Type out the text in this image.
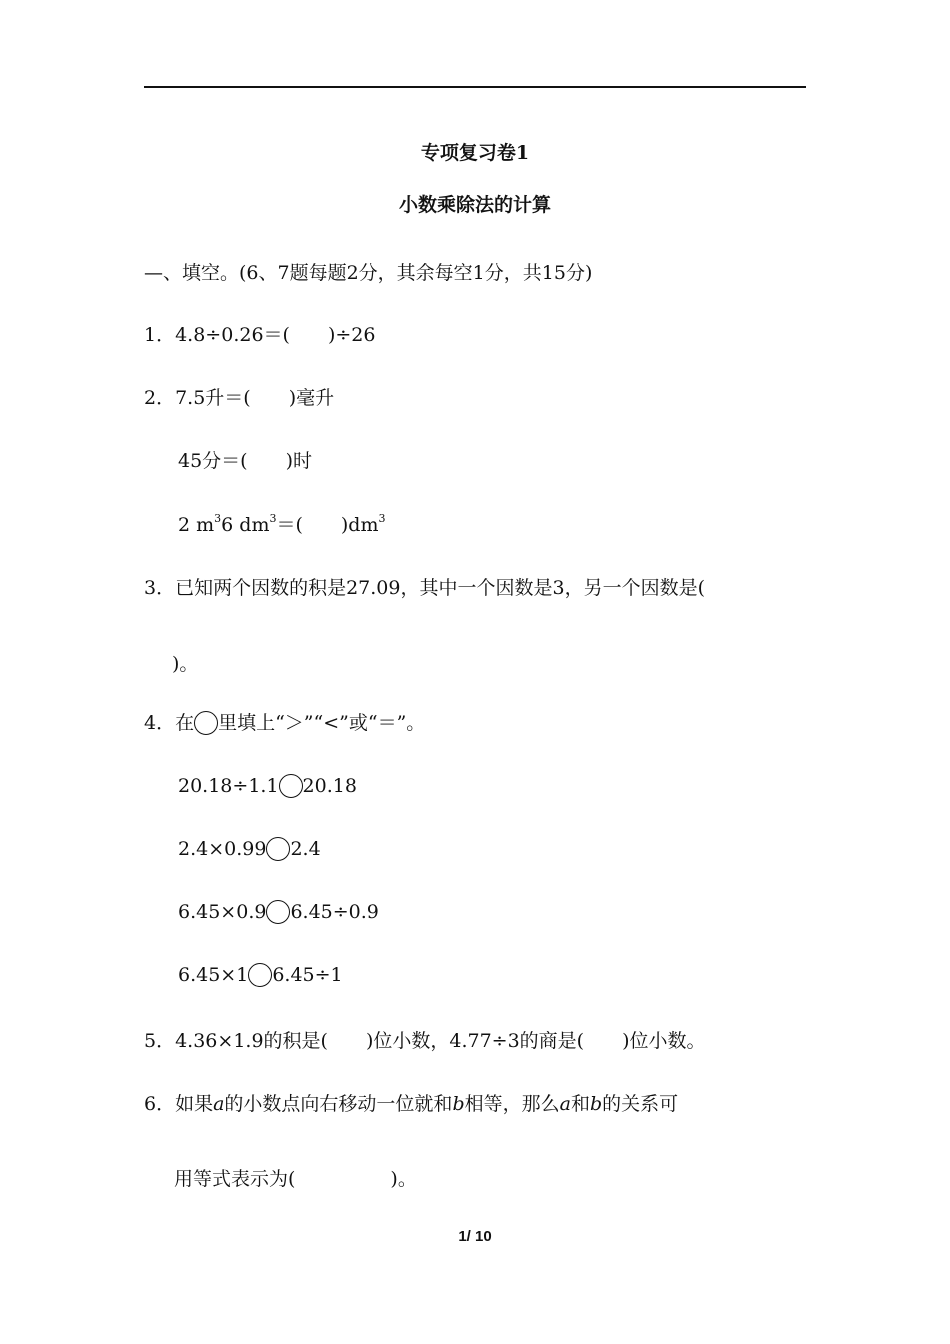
专项复习卷1
小数乘除法的计算
—、填空。(6、7题每题2分，其余每空1分，共15分)
1．4.8÷0.26＝(　　)÷26
2．7.5升＝(　　)毫升
45分＝(　　)时
2 $m^36$ $dm^3=$(　　)$dm^3$
3．已知两个因数的积是27.09，其中一个因数是3，另一个因数是(
)。
4．在 里填上“＞”“<”或“＝”。
20.18÷1.1 20.18
2.4×0.99 2.4
6.45×0.9 6.45÷0.9
6.45×1 6.45÷1
5．4.36×1.9的积是(　　)位小数，4.77÷3的商是(　　)位小数。
6．如果a的小数点向右移动一位就和b相等，那么a和b的关系可
用等式表示为(　　　　　)。
1/ 10
